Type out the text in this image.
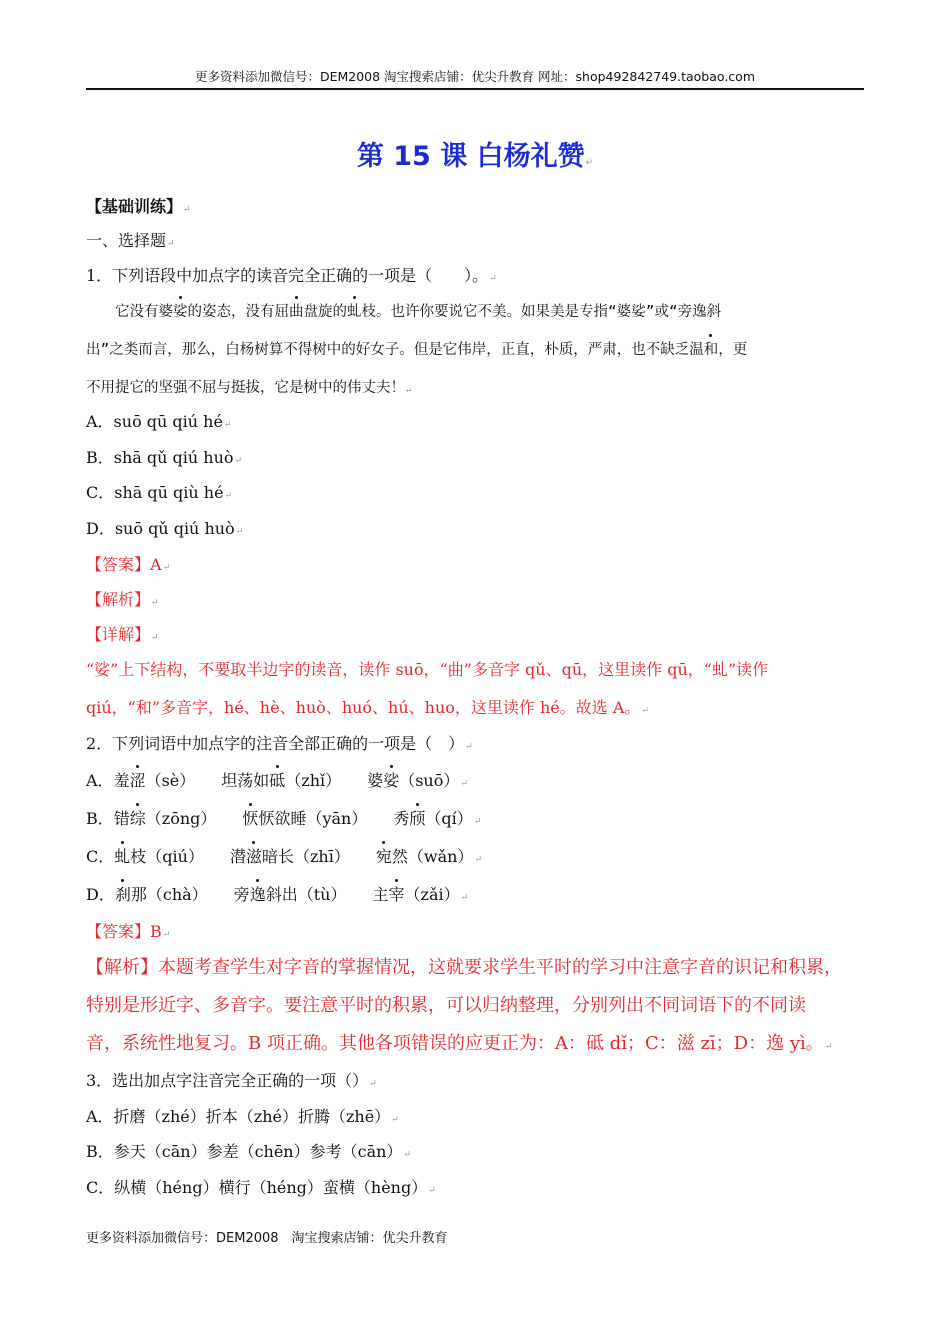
更多资料添加微信号：DEM2008 淘宝搜索店铺：优尖升教育 网址：shop492842749.taobao.com
第 15 课 白杨礼赞↵
【基础训练】↵
一、选择题↵
1．下列语段中加点字的读音完全正确的一项是（　　）。↵
　　它没有婆娑的姿态，没有屈曲盘旋的虬枝。也许你要说它不美。如果美是专指“婆娑”或“旁逸斜
出”之类而言，那么，白杨树算不得树中的好女子。但是它伟岸，正直，朴质，严肃，也不缺乏温和，更
不用提它的坚强不屈与挺拔，它是树中的伟丈夫！↵
A．suō qū qiú hé↵
B．shā qǔ qiú huò↵
C．shā qū qiù hé↵
D．suō qǔ qiú huò↵
【答案】A↵
【解析】↵
【详解】↵
“娑”上下结构，不要取半边字的读音，读作 suō，“曲”多音字 qǔ、qū，这里读作 qū，“虬”读作
qiú，“和”多音字，hé、hè、huò、huó、hú、huo，这里读作 hé。故选 A。↵
2．下列词语中加点字的注音全部正确的一项是（　）↵
A．羞涩（sè） 坦荡如砥（zhǐ） 婆娑（suō）↵
B．错综（zōng） 恹恹欲睡（yān） 秀颀（qí）↵
C．虬枝（qiú） 潜滋暗长（zhī） 宛然（wǎn）↵
D．刹那（chà） 旁逸斜出（tù） 主宰（zǎi）↵
【答案】B↵
【解析】本题考查学生对字音的掌握情况，这就要求学生平时的学习中注意字音的识记和积累，
特别是形近字、多音字。要注意平时的积累，可以归纳整理，分别列出不同词语下的不同读
音，系统性地复习。B 项正确。其他各项错误的应更正为：A：砥 dǐ；C：滋 zī；D：逸 yì。↵
3．选出加点字注音完全正确的一项（）↵
A．折磨（zhé）折本（zhé）折腾（zhē）↵
B．参天（cān）参差（chēn）参考（cān）↵
C．纵横（héng）横行（héng）蛮横（hèng）↵
更多资料添加微信号：DEM2008　淘宝搜索店铺：优尖升教育
